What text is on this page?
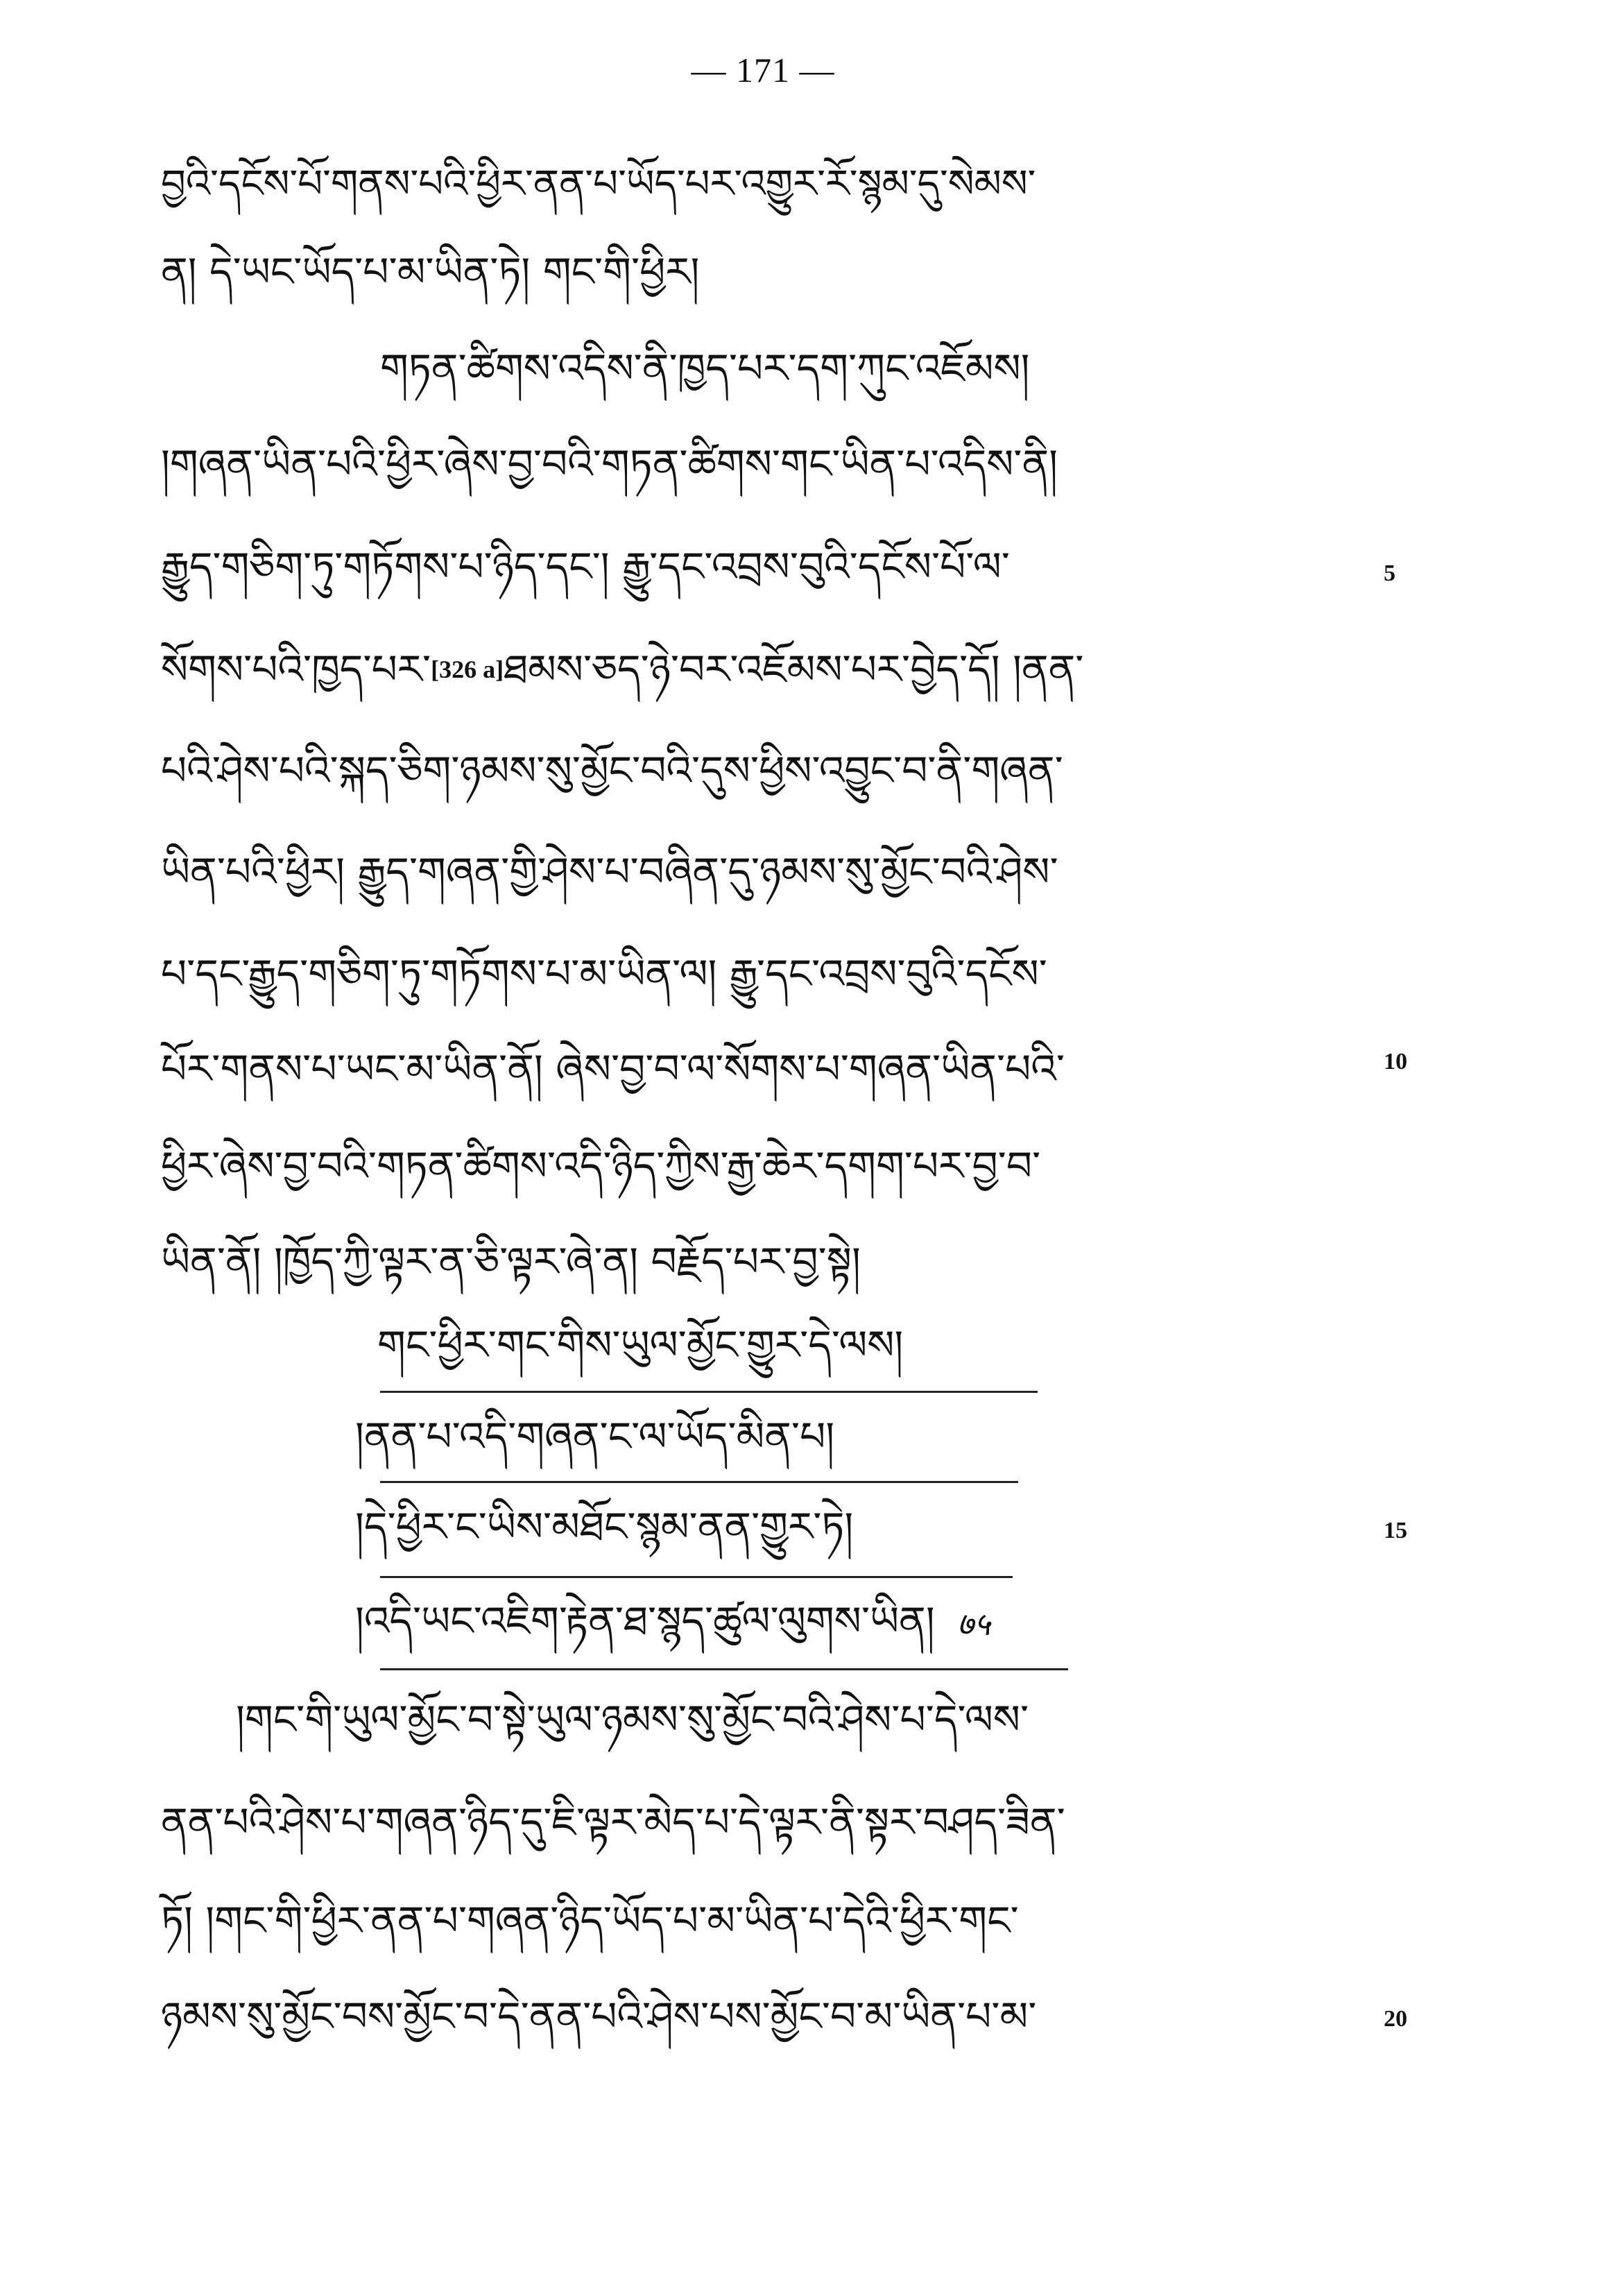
— 171 —
བྱའི་དངོས་པོ་གནས་པའི་ཕྱིར་ནན་པ་ཡོད་པར་འགྱུར་རོ་སྙམ་དུ་སེམས་
ན། དེ་ཡང་ཡོད་པ་མ་ཡིན་ཏེ། གང་གི་ཕྱིར།
གཏན་ཚིགས་འདིས་ནི་ཁྱད་པར་དག་ཀུང་འཇོམས།
།གཞན་ཡིན་པའི་ཕྱིར་ཞེས་བྱ་བའི་གཏན་ཚིགས་གང་ཡིན་པ་འདིས་ནི།
རྒྱུད་གཅིག་ཏུ་གཏོགས་པ་ཉིད་དང་། རྒྱུ་དང་འབྲས་བུའི་དངོས་པོ་ལ་	5
སོགས་པའི་ཁྱད་པར་[326 a]ཐམས་ཅད་ཉེ་བར་འཇོམས་པར་བྱེད་དོ། །ནན་
པའི་ཤེས་པའི་སྐད་ཅིག་ཉམས་སུ་མྱོང་བའི་དུས་ཕྱིས་འབྱུང་བ་ནི་གཞན་
ཡིན་པའི་ཕྱིར། རྒྱུད་གཞན་གྱི་ཤེས་པ་བཞིན་དུ་ཉམས་སུ་མྱོང་བའི་ཤེས་
པ་དང་རྒྱུད་གཅིག་ཏུ་གཏོགས་པ་མ་ཡིན་ལ། རྒྱུ་དང་འབྲས་བུའི་དངོས་
པོར་གནས་པ་ཡང་མ་ཡིན་ནོ། ཞེས་བྱ་བ་ལ་སོགས་པ་གཞན་ཡིན་པའི་	10
ཕྱིར་ཞེས་བྱ་བའི་གཏན་ཚིགས་འདི་ཉིད་ཀྱིས་རྒྱ་ཆེར་དགག་པར་བྱ་བ་
ཡིན་ནོ། །ཁྱོད་ཀྱི་ལྟར་ན་ཅི་ལྟར་ཞེ་ན། བརྗོད་པར་བྱ་སྟེ།
གང་ཕྱིར་གང་གིས་ཡུལ་མྱོང་གྱུར་དེ་ལས།
།ནན་པ་འདི་གཞན་ང་ལ་ཡོད་མིན་པ།
།དེ་ཕྱིར་ང་ཡིས་མཐོང་སྙམ་ནན་གྱུར་ཏེ།	15
།འདི་ཡང་འཇིག་རྟེན་ཐ་སྙད་ཚུལ་ལུགས་ཡིན། ७५
།གང་གི་ཡུལ་མྱོང་བ་སྟེ་ཡུལ་ཉམས་སུ་མྱོང་བའི་ཤེས་པ་དེ་ལས་
ནན་པའི་ཤེས་པ་གཞན་ཉིད་དུ་ཇི་ལྟར་མེད་པ་དེ་ལྟར་ནི་སྟར་བཤད་ཟིན་
ཏོ། །གང་གི་ཕྱིར་ནན་པ་གཞན་ཉིད་ཡོད་པ་མ་ཡིན་པ་དེའི་ཕྱིར་གང་
ཉམས་སུ་མྱོང་བས་མྱོང་བ་དེ་ནན་པའི་ཤེས་པས་མྱོང་བ་མ་ཡིན་པ་མ་	20
